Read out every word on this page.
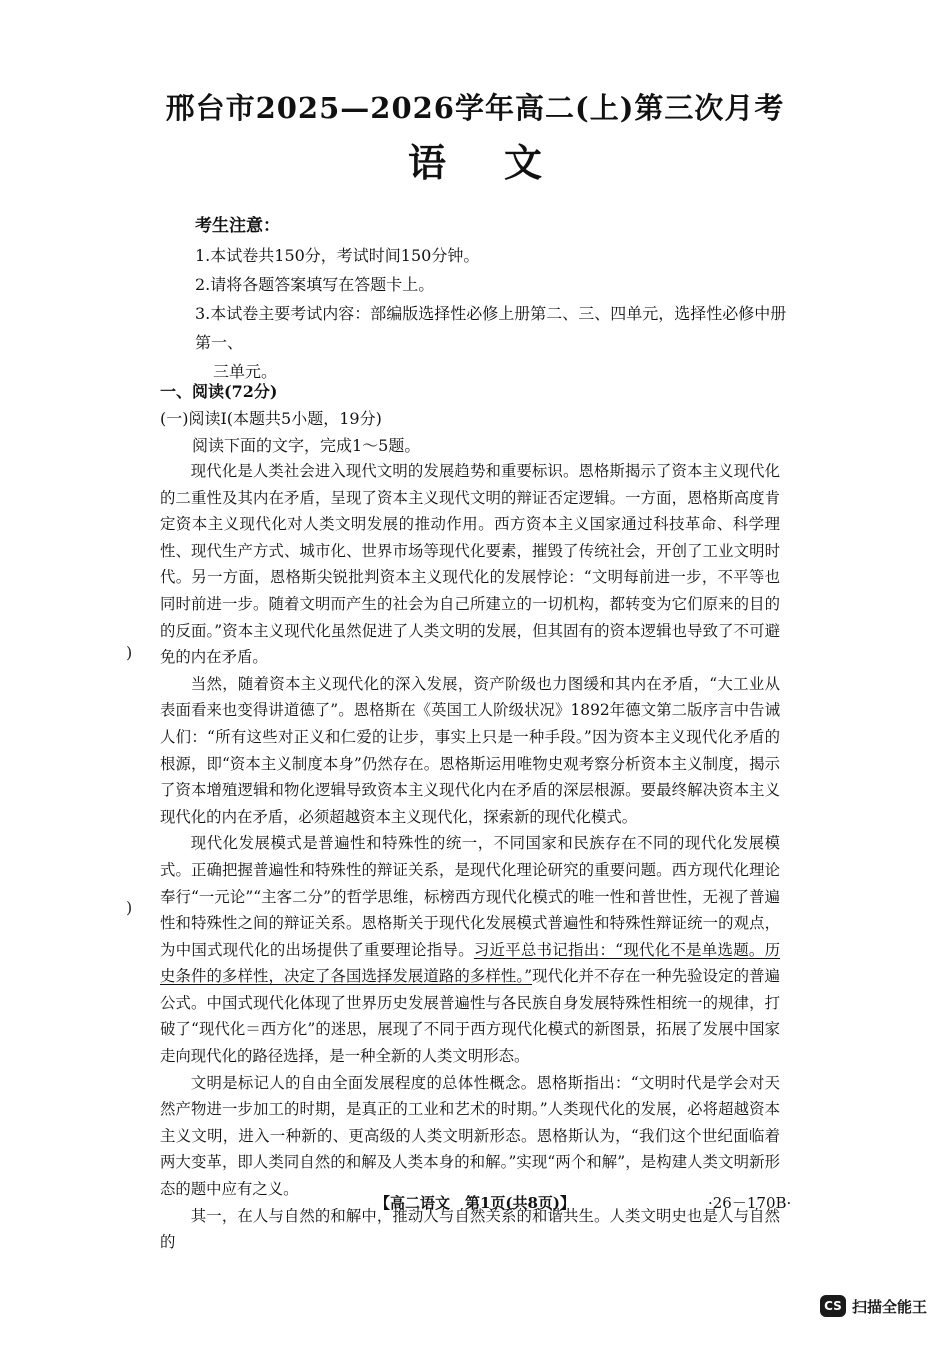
邢台市2025—2026学年高二(上)第三次月考
语文
考生注意：
1.本试卷共150分，考试时间150分钟。
2.请将各题答案填写在答题卡上。
3.本试卷主要考试内容：部编版选择性必修上册第二、三、四单元，选择性必修中册第一、
三单元。
一、阅读(72分)
(一)阅读Ⅰ(本题共5小题，19分)
阅读下面的文字，完成1～5题。

现代化是人类社会进入现代文明的发展趋势和重要标识。恩格斯揭示了资本主义现代化的二重性及其内在矛盾，呈现了资本主义现代文明的辩证否定逻辑。一方面，恩格斯高度肯定资本主义现代化对人类文明发展的推动作用。西方资本主义国家通过科技革命、科学理性、现代生产方式、城市化、世界市场等现代化要素，摧毁了传统社会，开创了工业文明时代。另一方面，恩格斯尖锐批判资本主义现代化的发展悖论：“文明每前进一步，不平等也同时前进一步。随着文明而产生的社会为自己所建立的一切机构，都转变为它们原来的目的的反面。”资本主义现代化虽然促进了人类文明的发展，但其固有的资本逻辑也导致了不可避免的内在矛盾。

当然，随着资本主义现代化的深入发展，资产阶级也力图缓和其内在矛盾，“大工业从表面看来也变得讲道德了”。恩格斯在《英国工人阶级状况》1892年德文第二版序言中告诫人们：“所有这些对正义和仁爱的让步，事实上只是一种手段。”因为资本主义现代化矛盾的根源，即“资本主义制度本身”仍然存在。恩格斯运用唯物史观考察分析资本主义制度，揭示了资本增殖逻辑和物化逻辑导致资本主义现代化内在矛盾的深层根源。要最终解决资本主义现代化的内在矛盾，必须超越资本主义现代化，探索新的现代化模式。

现代化发展模式是普遍性和特殊性的统一，不同国家和民族存在不同的现代化发展模式。正确把握普遍性和特殊性的辩证关系，是现代化理论研究的重要问题。西方现代化理论奉行“一元论”“主客二分”的哲学思维，标榜西方现代化模式的唯一性和普世性，无视了普遍性和特殊性之间的辩证关系。恩格斯关于现代化发展模式普遍性和特殊性辩证统一的观点，为中国式现代化的出场提供了重要理论指导。习近平总书记指出：“现代化不是单选题。历史条件的多样性，决定了各国选择发展道路的多样性。”现代化并不存在一种先验设定的普遍公式。中国式现代化体现了世界历史发展普遍性与各民族自身发展特殊性相统一的规律，打破了“现代化＝西方化”的迷思，展现了不同于西方现代化模式的新图景，拓展了发展中国家走向现代化的路径选择，是一种全新的人类文明形态。

文明是标记人的自由全面发展程度的总体性概念。恩格斯指出：“文明时代是学会对天然产物进一步加工的时期，是真正的工业和艺术的时期。”人类现代化的发展，必将超越资本主义文明，进入一种新的、更高级的人类文明新形态。恩格斯认为，“我们这个世纪面临着两大变革，即人类同自然的和解及人类本身的和解。”实现“两个和解”，是构建人类文明新形态的题中应有之义。

其一，在人与自然的和解中，推动人与自然关系的和谐共生。人类文明史也是人与自然的

)
)
【高二语文　第1页(共8页)】	·26－170B·
CS 扫描全能王
